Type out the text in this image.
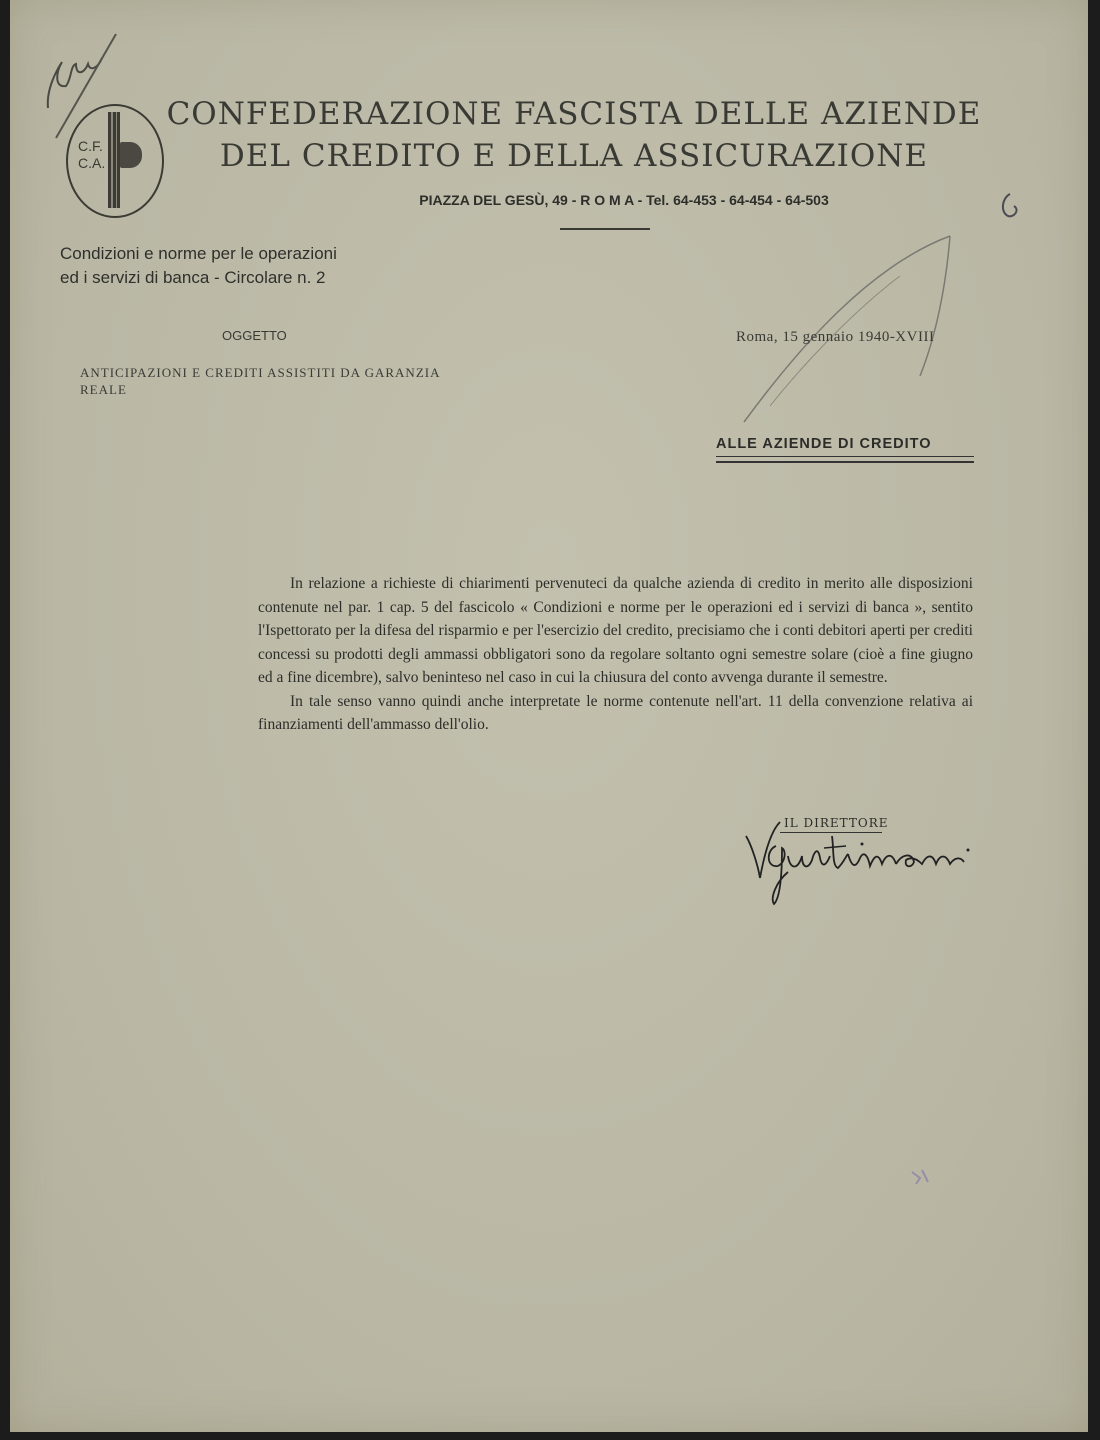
C.F.
C.A.
CONFEDERAZIONE FASCISTA DELLE AZIENDE
DEL CREDITO E DELLA ASSICURAZIONE
PIAZZA DEL GESÙ, 49 - R O M A - Tel. 64-453 - 64-454 - 64-503
Condizioni e norme per le operazioni
ed i servizi di banca - Circolare n. 2
OGGETTO
ANTICIPAZIONI E CREDITI ASSISTITI DA GARANZIA REALE
Roma, 15 gennaio 1940-XVIII
ALLE AZIENDE DI CREDITO

In relazione a richieste di chiarimenti pervenuteci da qualche azienda di credito in merito alle disposizioni contenute nel par. 1 cap. 5 del fascicolo « Condizioni e norme per le operazioni ed i servizi di banca », sentito l'Ispettorato per la difesa del risparmio e per l'esercizio del credito, precisiamo che i conti debitori aperti per crediti concessi su prodotti degli ammassi obbligatori sono da regolare soltanto ogni semestre solare (cioè a fine giugno ed a fine dicembre), salvo beninteso nel caso in cui la chiusura del conto avvenga durante il semestre.

In tale senso vanno quindi anche interpretate le norme contenute nell'art. 11 della convenzione relativa ai finanziamenti dell'ammasso dell'olio.

IL DIRETTORE
